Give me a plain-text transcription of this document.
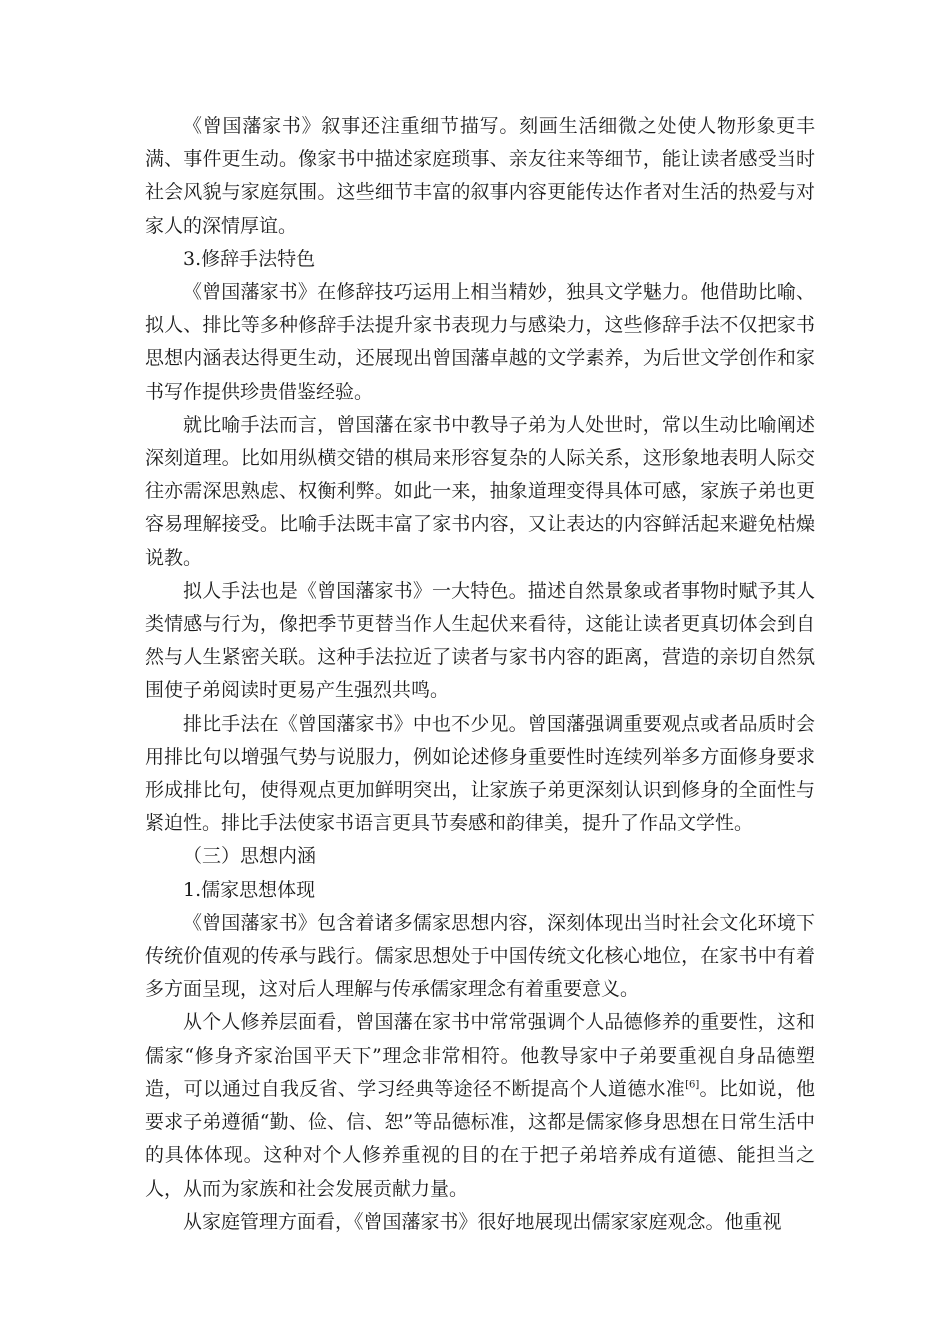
《曾国藩家书》叙事还注重细节描写。刻画生活细微之处使人物形象更丰满、事件更生动。像家书中描述家庭琐事、亲友往来等细节，能让读者感受当时社会风貌与家庭氛围。这些细节丰富的叙事内容更能传达作者对生活的热爱与对家人的深情厚谊。

3.修辞手法特色

《曾国藩家书》在修辞技巧运用上相当精妙，独具文学魅力。他借助比喻、拟人、排比等多种修辞手法提升家书表现力与感染力，这些修辞手法不仅把家书思想内涵表达得更生动，还展现出曾国藩卓越的文学素养，为后世文学创作和家书写作提供珍贵借鉴经验。

就比喻手法而言，曾国藩在家书中教导子弟为人处世时，常以生动比喻阐述深刻道理。比如用纵横交错的棋局来形容复杂的人际关系，这形象地表明人际交往亦需深思熟虑、权衡利弊。如此一来，抽象道理变得具体可感，家族子弟也更容易理解接受。比喻手法既丰富了家书内容，又让表达的内容鲜活起来避免枯燥说教。

拟人手法也是《曾国藩家书》一大特色。描述自然景象或者事物时赋予其人类情感与行为，像把季节更替当作人生起伏来看待，这能让读者更真切体会到自然与人生紧密关联。这种手法拉近了读者与家书内容的距离，营造的亲切自然氛围使子弟阅读时更易产生强烈共鸣。

排比手法在《曾国藩家书》中也不少见。曾国藩强调重要观点或者品质时会用排比句以增强气势与说服力，例如论述修身重要性时连续列举多方面修身要求形成排比句，使得观点更加鲜明突出，让家族子弟更深刻认识到修身的全面性与紧迫性。排比手法使家书语言更具节奏感和韵律美，提升了作品文学性。

（三）思想内涵

1.儒家思想体现

《曾国藩家书》包含着诸多儒家思想内容，深刻体现出当时社会文化环境下传统价值观的传承与践行。儒家思想处于中国传统文化核心地位，在家书中有着多方面呈现，这对后人理解与传承儒家理念有着重要意义。

从个人修养层面看，曾国藩在家书中常常强调个人品德修养的重要性，这和儒家“修身齐家治国平天下”理念非常相符。他教导家中子弟要重视自身品德塑造，可以通过自我反省、学习经典等途径不断提高个人道德水准[6]。比如说，他要求子弟遵循“勤、俭、信、恕”等品德标准，这都是儒家修身思想在日常生活中的具体体现。这种对个人修养重视的目的在于把子弟培养成有道德、能担当之人，从而为家族和社会发展贡献力量。

从家庭管理方面看，《曾国藩家书》很好地展现出儒家家庭观念。他重视
